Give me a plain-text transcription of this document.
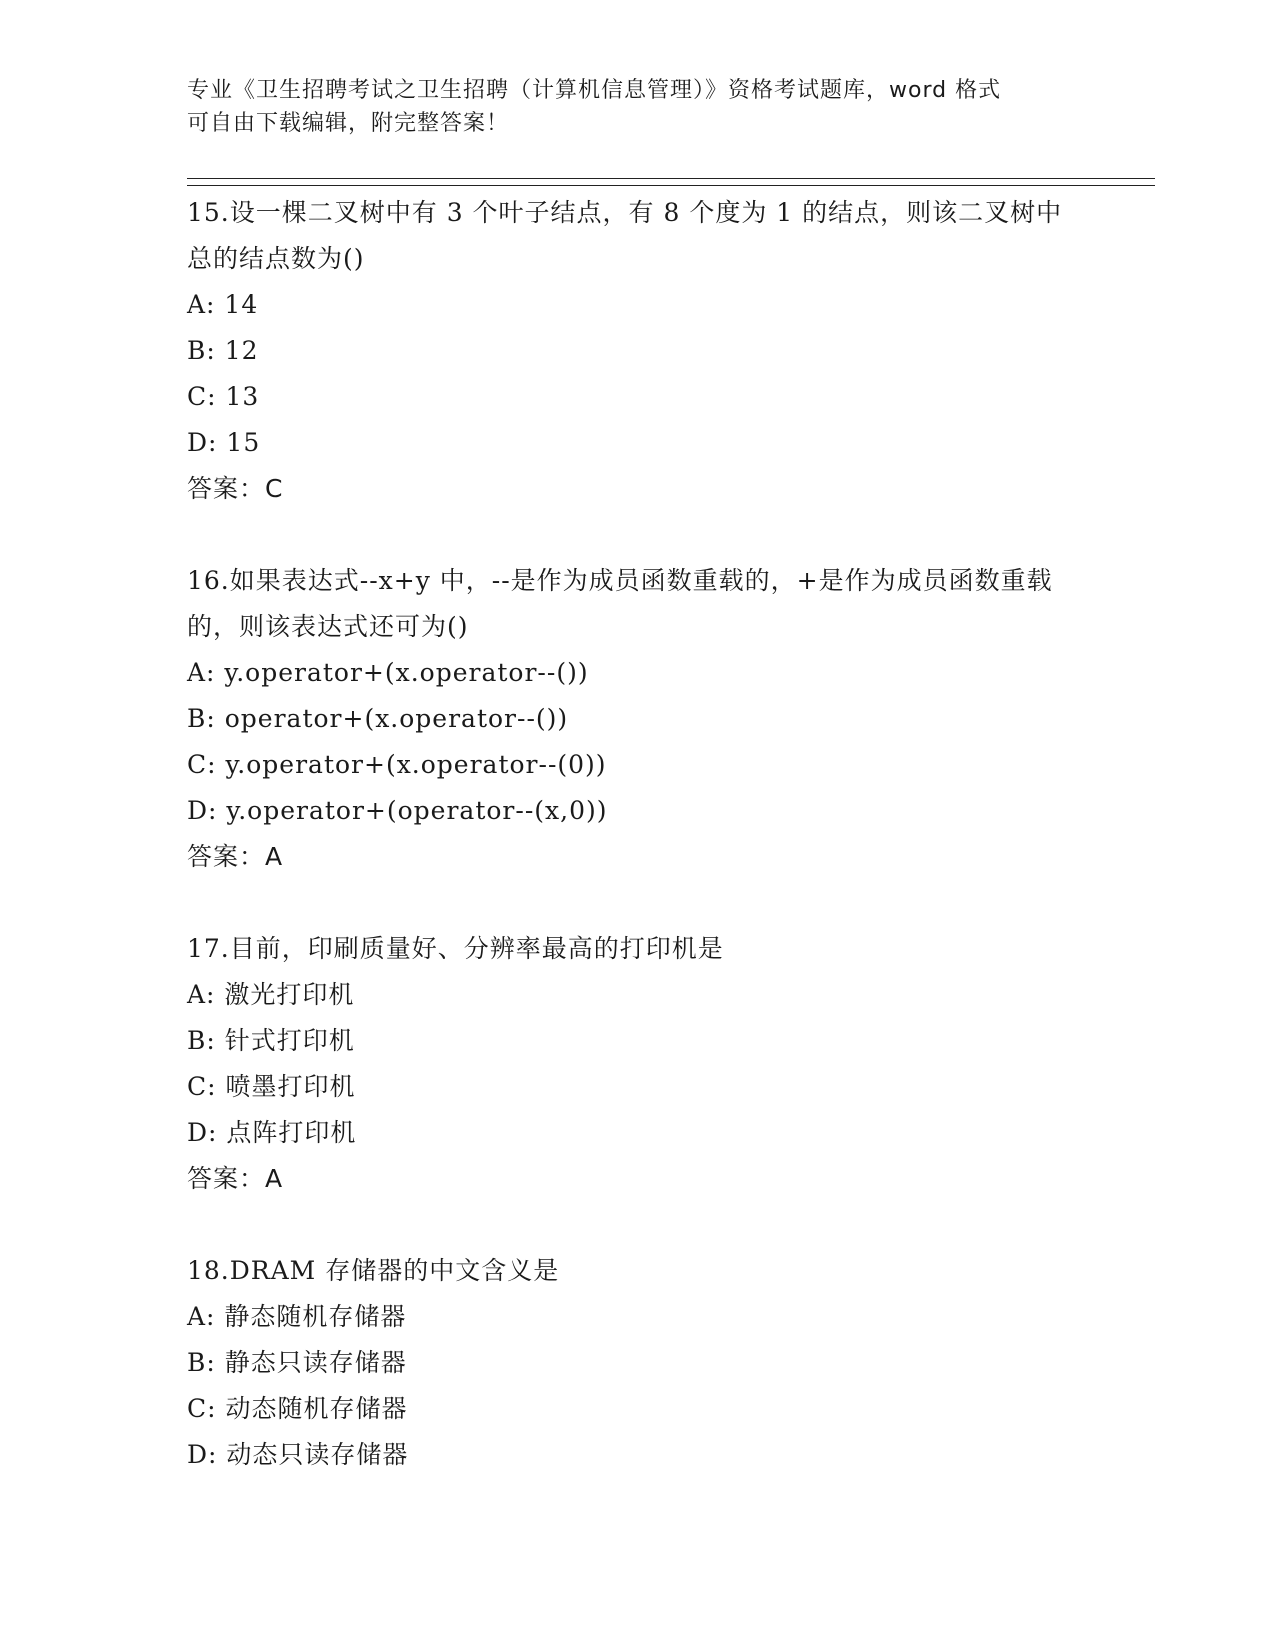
专业《卫生招聘考试之卫生招聘（计算机信息管理）》资格考试题库，word 格式
可自由下载编辑，附完整答案！
15.设一棵二叉树中有 3 个叶子结点，有 8 个度为 1 的结点，则该二叉树中总的结点数为()
A: 14
B: 12
C: 13
D: 15
答案：C
16.如果表达式--x+y 中，--是作为成员函数重载的，+是作为成员函数重载的，则该表达式还可为()
A: y.operator+(x.operator--())
B: operator+(x.operator--())
C: y.operator+(x.operator--(0))
D: y.operator+(operator--(x,0))
答案：A
17.目前，印刷质量好、分辨率最高的打印机是
A: 激光打印机
B: 针式打印机
C: 喷墨打印机
D: 点阵打印机
答案：A
18.DRAM 存储器的中文含义是
A: 静态随机存储器
B: 静态只读存储器
C: 动态随机存储器
D: 动态只读存储器
